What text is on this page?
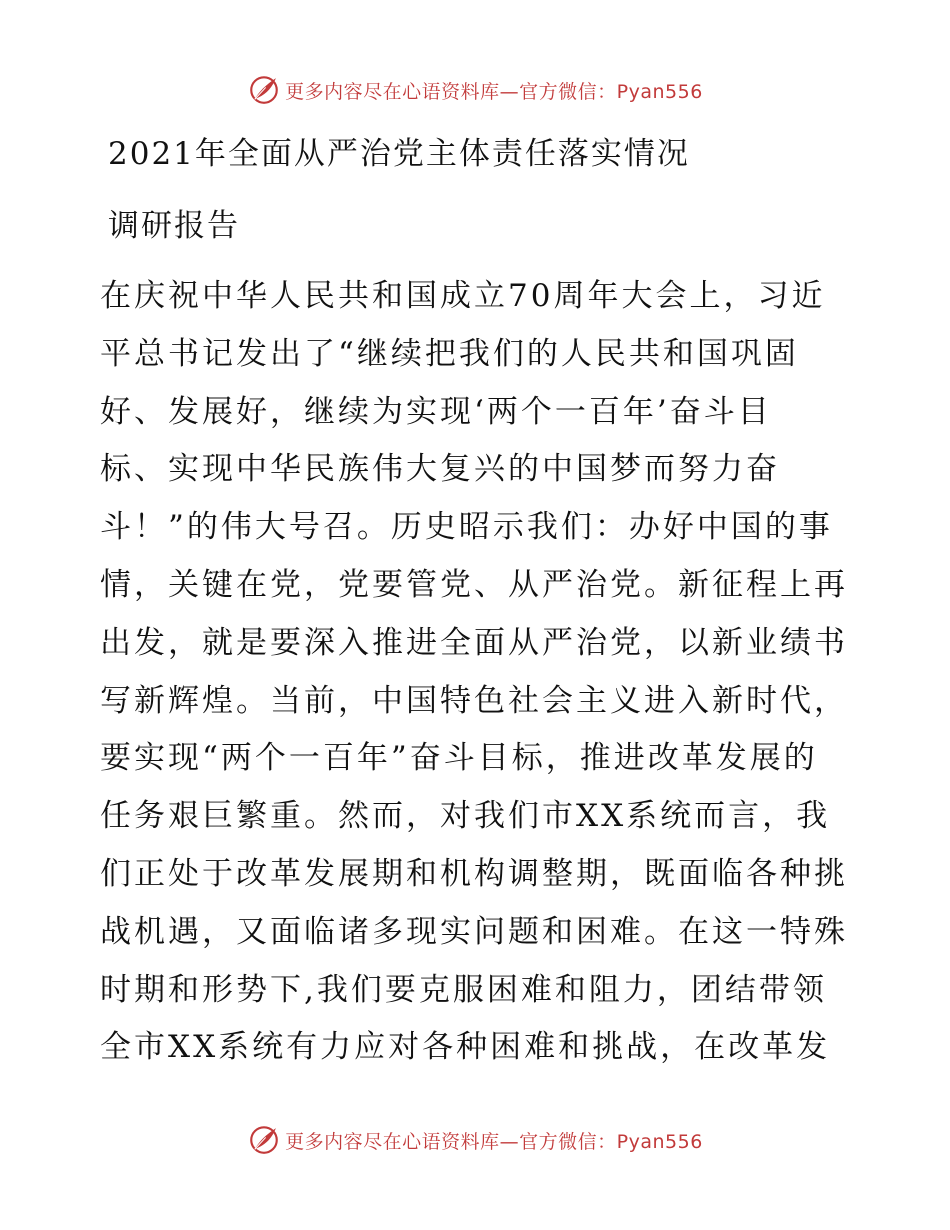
更多内容尽在心语资料库—官方微信：Pyan556
2021年全面从严治党主体责任落实情况
调研报告
在庆祝中华人民共和国成立70周年大会上，习近
平总书记发出了“继续把我们的人民共和国巩固
好、发展好，继续为实现‘两个一百年’奋斗目
标、实现中华民族伟大复兴的中国梦而努力奋
斗！”的伟大号召。历史昭示我们：办好中国的事
情，关键在党，党要管党、从严治党。新征程上再
出发，就是要深入推进全面从严治党，以新业绩书
写新辉煌。当前，中国特色社会主义进入新时代，
要实现“两个一百年”奋斗目标，推进改革发展的
任务艰巨繁重。然而，对我们市XX系统而言，我
们正处于改革发展期和机构调整期，既面临各种挑
战机遇，又面临诸多现实问题和困难。在这一特殊
时期和形势下,我们要克服困难和阻力，团结带领
全市XX系统有力应对各种困难和挑战，在改革发
更多内容尽在心语资料库—官方微信：Pyan556
